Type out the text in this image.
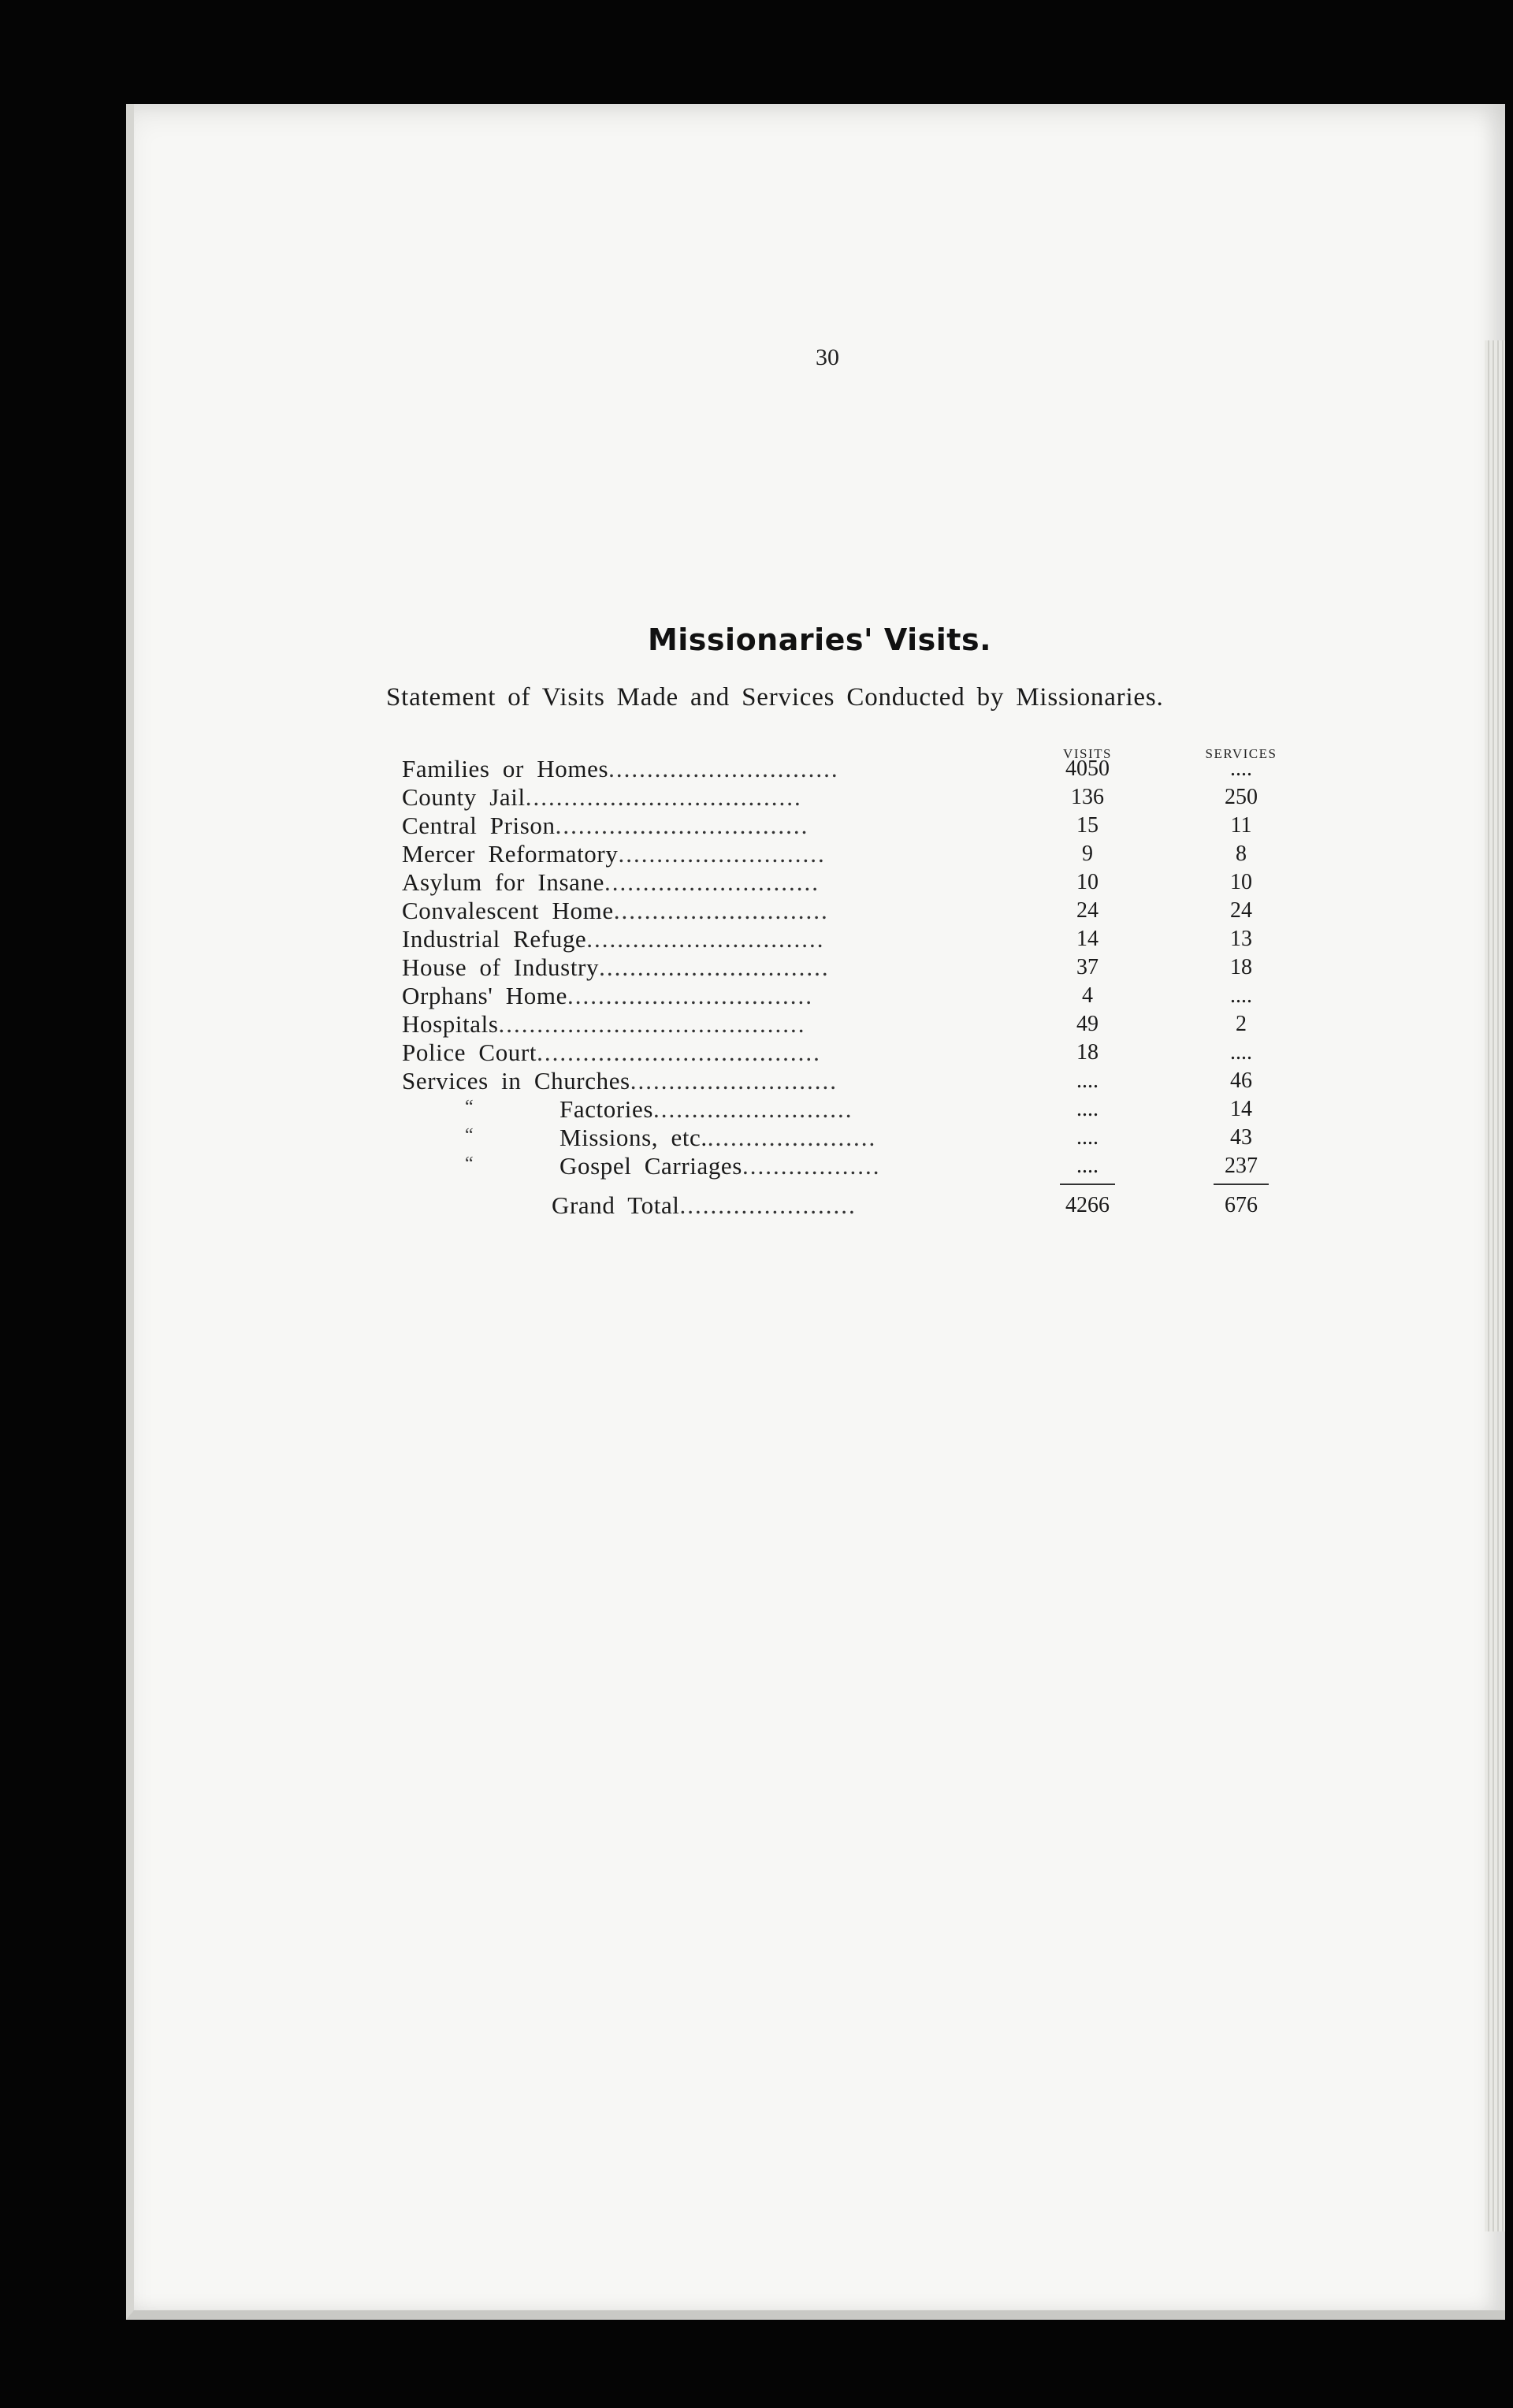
30
Missionaries' Visits.
Statement of Visits Made and Services Conducted by Missionaries.
VISITS	SERVICES
Families or Homes..............................	4050	....
County Jail....................................	136	250
Central Prison.................................	15	11
Mercer Reformatory...........................	9	8
Asylum for Insane............................	10	10
Convalescent Home............................	24	24
Industrial Refuge...............................	14	13
House of Industry..............................	37	18
Orphans' Home................................	4	....
Hospitals........................................	49	2
Police Court.....................................	18	....
Services in Churches...........................	....	46
“	Factories..........................	....	14
“	Missions, etc.......................	....	43
“	Gospel Carriages..................	....	237
Grand Total.......................	4266	676
